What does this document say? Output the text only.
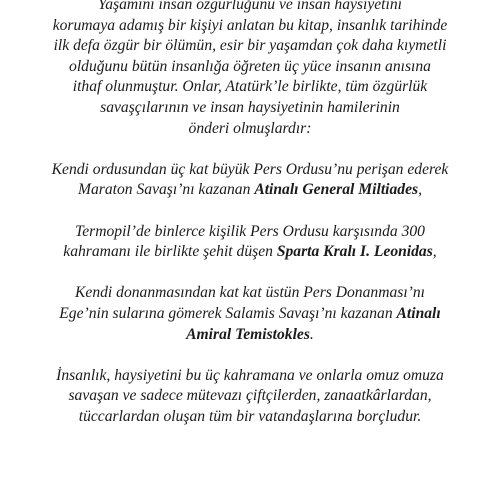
Yaşamını insan özgürlüğünü ve insan haysiyetini
korumaya adamış bir kişiyi anlatan bu kitap, insanlık tarihinde
ilk defa özgür bir ölümün, esir bir yaşamdan çok daha kıymetli
olduğunu bütün insanlığa öğreten üç yüce insanın anısına
ithaf olunmuştur. Onlar, Atatürk’le birlikte, tüm özgürlük
savaşçılarının ve insan haysiyetinin hamilerinin
önderi olmuşlardır:

Kendi ordusundan üç kat büyük Pers Ordusu’nu perişan ederek
Maraton Savaşı’nı kazanan Atinalı General Miltiades,

Termopil’de binlerce kişilik Pers Ordusu karşısında 300
kahramanı ile birlikte şehit düşen Sparta Kralı I. Leonidas,

Kendi donanmasından kat kat üstün Pers Donanması’nı
Ege’nin sularına gömerek Salamis Savaşı’nı kazanan Atinalı
Amiral Temistokles.

İnsanlık, haysiyetini bu üç kahramana ve onlarla omuz omuza
savaşan ve sadece mütevazı çiftçilerden, zanaatkârlardan,
tüccarlardan oluşan tüm bir vatandaşlarına borçludur.
